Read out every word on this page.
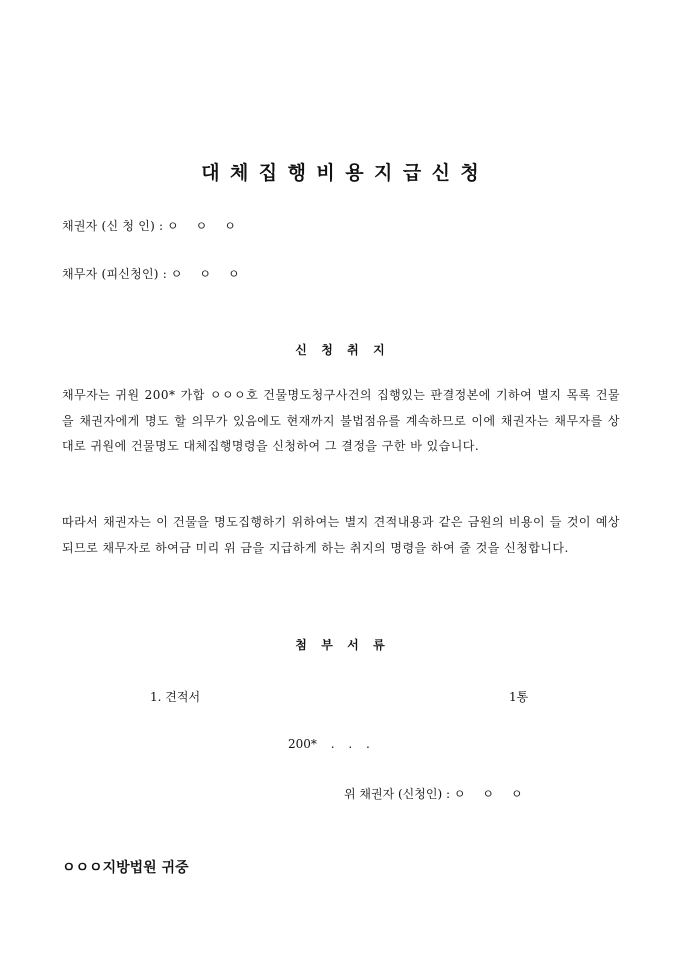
대체집행비용지급신청
채권자 (신 청 인) : ㅇ ㅇ ㅇ
채무자 (피신청인) : ㅇ ㅇ ㅇ
신청취지
채무자는 귀원 200* 가합 ㅇㅇㅇ호 건물명도청구사건의 집행있는 판결정본에 기하여 별지 목록 건물을 채권자에게 명도 할 의무가 있음에도 현재까지 불법점유를 계속하므로 이에 채권자는 채무자를 상대로 귀원에 건물명도 대체집행명령을 신청하여 그 결정을 구한 바 있습니다.
따라서 채권자는 이 건물을 명도집행하기 위하여는 별지 견적내용과 같은 금원의 비용이 들 것이 예상되므로 채무자로 하여금 미리 위 금을 지급하게 하는 취지의 명령을 하여 줄 것을 신청합니다.
첨부서류
1. 견적서	1통
200* . . .
위 채권자 (신청인) : ㅇ ㅇ ㅇ
ㅇㅇㅇ지방법원 귀중
